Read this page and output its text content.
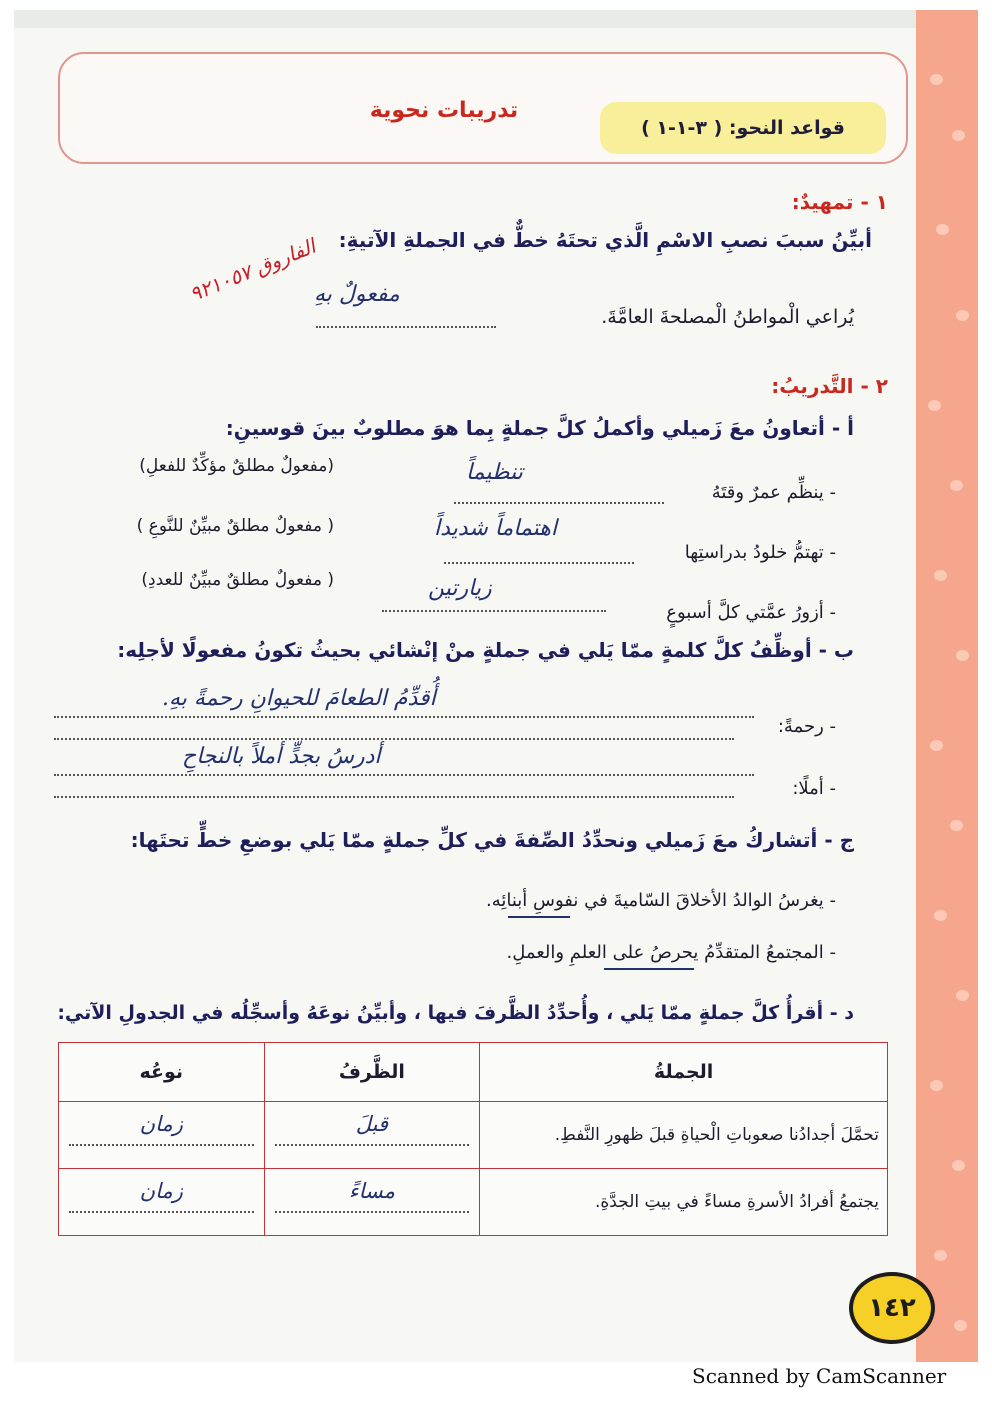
تدريبات نحوية
قواعد النحو: ( ٣-١-١ )
١ - تمهيدٌ:
أبيِّنُ سببَ نصبِ الاسْمِ الَّذي تحتَهُ خطٌّ في الجملةِ الآتيةِ:
يُراعي الْمواطنُ الْمصلحةَ العامَّةَ.
مفعولٌ بهِ
الفاروق ٩٢١٠٥٧
٢ - التَّدريبُ:
أ - أتعاونُ معَ زَميلي وأكملُ كلَّ جملةٍ بِما هوَ مطلوبٌ بينَ قوسينِ:
- ينظِّم عمرٌ وقتَهُ
تنظيماً
(مفعولٌ مطلقٌ مؤكِّدٌ للفعلِ)
- تهتمُّ خلودُ بدراستِها
اهتماماً شديداً
( مفعولٌ مطلقٌ مبيِّنٌ للنَّوعِ )
- أزورُ عمَّتي كلَّ أسبوعٍ
زيارتين
( مفعولٌ مطلقٌ مبيِّنٌ للعددِ)
ب - أوظِّفُ كلَّ كلمةٍ ممّا يَلي في جملةٍ منْ إنْشائي بحيثُ تكونُ مفعولًا لأجلِه:
- رحمةً:
أُقدِّمُ الطعامَ للحيوانِ رحمةً بهِ.
- أملًا:
أدرسُ بجدٍّ أملاً بالنجاحِ
ج - أتشاركُ معَ زَميلي ونحدِّدُ الصِّفةَ في كلِّ جملةٍ ممّا يَلي بوضعِ خطٍّ تحتَها:
- يغرسُ الوالدُ الأخلاقَ السّاميةَ في نفوسِ أبنائِه.
- المجتمعُ المتقدِّمُ يحرصُ على العلمِ والعملِ.
د - أقرأُ كلَّ جملةٍ ممّا يَلي ، وأُحدِّدُ الظَّرفَ فيها ، وأبيِّنُ نوعَهُ وأسجِّلُه في الجدولِ الآتي:
الجملةُ	الظَّرفُ	نوعُه
تحمَّلَ أجدادُنا صعوباتِ الْحياةِ قبلَ ظهورِ النَّفطِ.	قبلَ	زمان

يجتمعُ أفرادُ الأسرةِ مساءً في بيتِ الجدَّةِ.	مساءً	زمان
١٤٢
Scanned by CamScanner
